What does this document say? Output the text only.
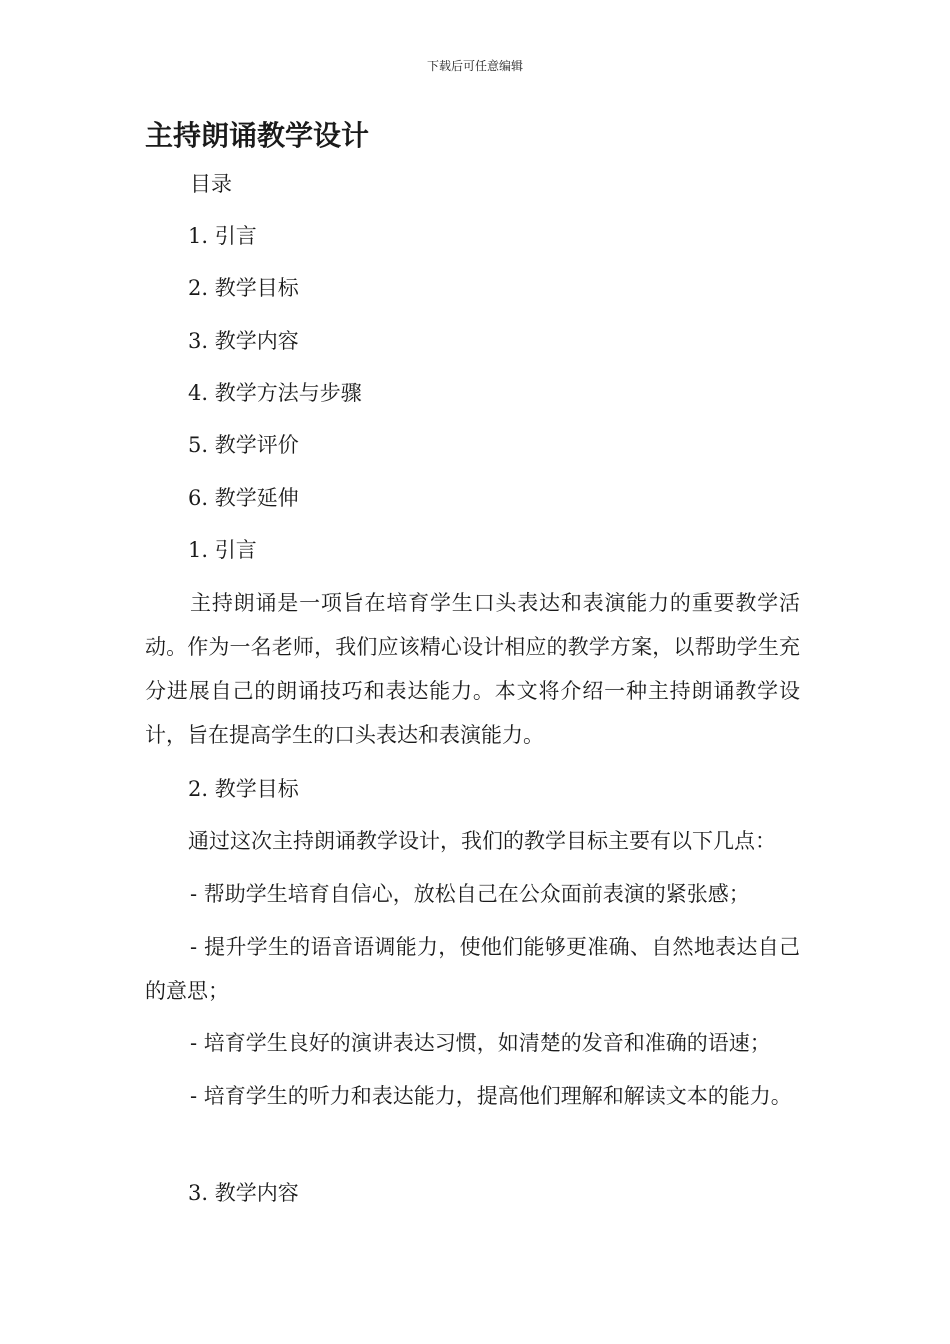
下载后可任意编辑
主持朗诵教学设计
目录
1. 引言
2. 教学目标
3. 教学内容
4. 教学方法与步骤
5. 教学评价
6. 教学延伸
1. 引言

主持朗诵是一项旨在培育学生口头表达和表演能力的重要教学活动。作为一名老师，我们应该精心设计相应的教学方案，以帮助学生充分进展自己的朗诵技巧和表达能力。本文将介绍一种主持朗诵教学设计，旨在提高学生的口头表达和表演能力。

2. 教学目标
通过这次主持朗诵教学设计，我们的教学目标主要有以下几点：

- 帮助学生培育自信心，放松自己在公众面前表演的紧张感；

- 提升学生的语音语调能力，使他们能够更准确、自然地表达自己的意思；

- 培育学生良好的演讲表达习惯，如清楚的发音和准确的语速；

- 培育学生的听力和表达能力，提高他们理解和解读文本的能力。

3. 教学内容
